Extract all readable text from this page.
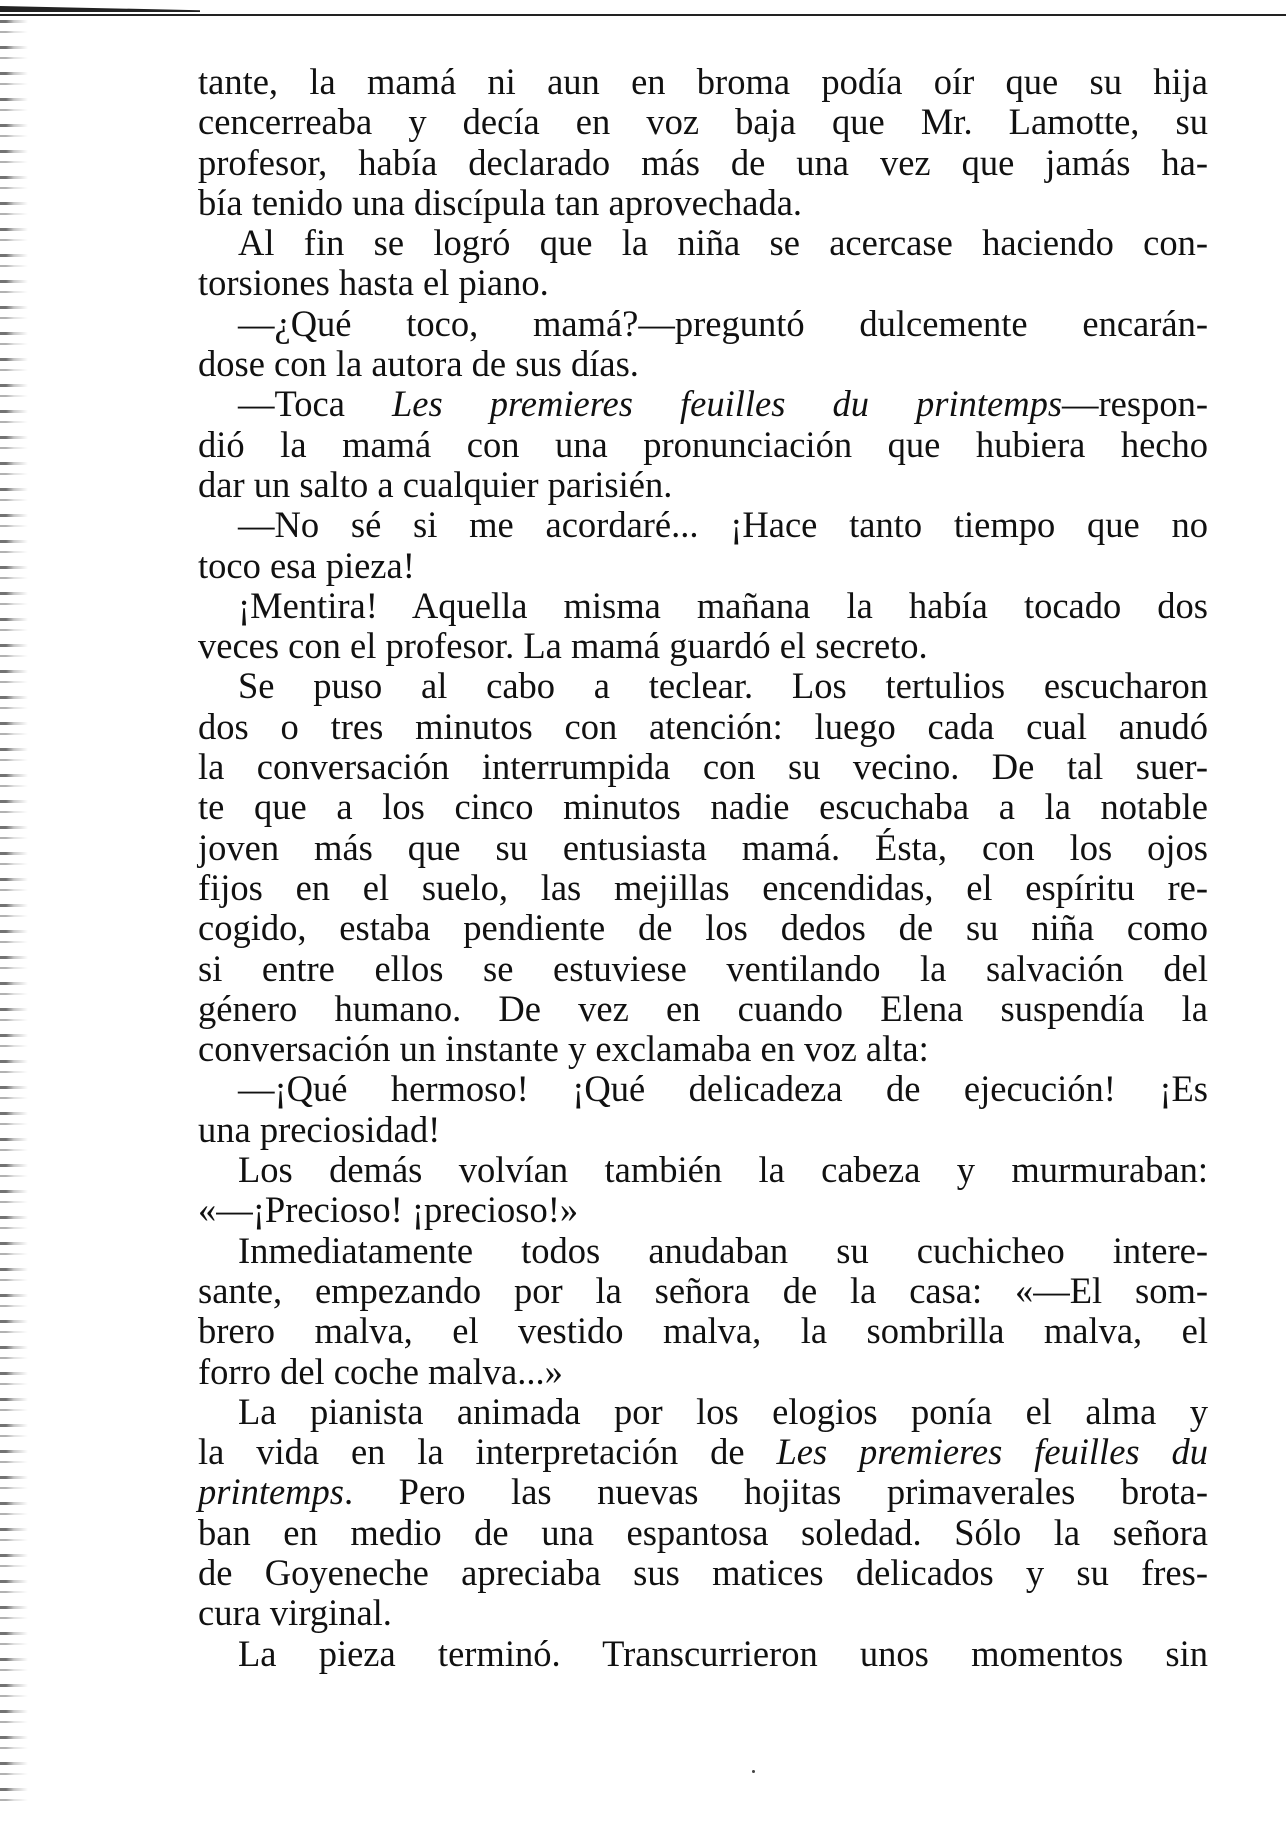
tante, la mamá ni aun en broma podía oír que su hija
cencerreaba y decía en voz baja que Mr. Lamotte, su
profesor, había declarado más de una vez que jamás ha-
bía tenido una discípula tan aprovechada.
Al fin se logró que la niña se acercase haciendo con-
torsiones hasta el piano.
—¿Qué toco, mamá?—preguntó dulcemente encarán-
dose con la autora de sus días.
—Toca Les premieres feuilles du printemps—respon-
dió la mamá con una pronunciación que hubiera hecho
dar un salto a cualquier parisién.
—No sé si me acordaré... ¡Hace tanto tiempo que no
toco esa pieza!
¡Mentira! Aquella misma mañana la había tocado dos
veces con el profesor. La mamá guardó el secreto.
Se puso al cabo a teclear. Los tertulios escucharon
dos o tres minutos con atención: luego cada cual anudó
la conversación interrumpida con su vecino. De tal suer-
te que a los cinco minutos nadie escuchaba a la notable
joven más que su entusiasta mamá. Ésta, con los ojos
fijos en el suelo, las mejillas encendidas, el espíritu re-
cogido, estaba pendiente de los dedos de su niña como
si entre ellos se estuviese ventilando la salvación del
género humano. De vez en cuando Elena suspendía la
conversación un instante y exclamaba en voz alta:
—¡Qué hermoso! ¡Qué delicadeza de ejecución! ¡Es
una preciosidad!
Los demás volvían también la cabeza y murmuraban:
«—¡Precioso! ¡precioso!»
Inmediatamente todos anudaban su cuchicheo intere-
sante, empezando por la señora de la casa: «—El som-
brero malva, el vestido malva, la sombrilla malva, el
forro del coche malva...»
La pianista animada por los elogios ponía el alma y
la vida en la interpretación de Les premieres feuilles du
printemps. Pero las nuevas hojitas primaverales brota-
ban en medio de una espantosa soledad. Sólo la señora
de Goyeneche apreciaba sus matices delicados y su fres-
cura virginal.
La pieza terminó. Transcurrieron unos momentos sin
